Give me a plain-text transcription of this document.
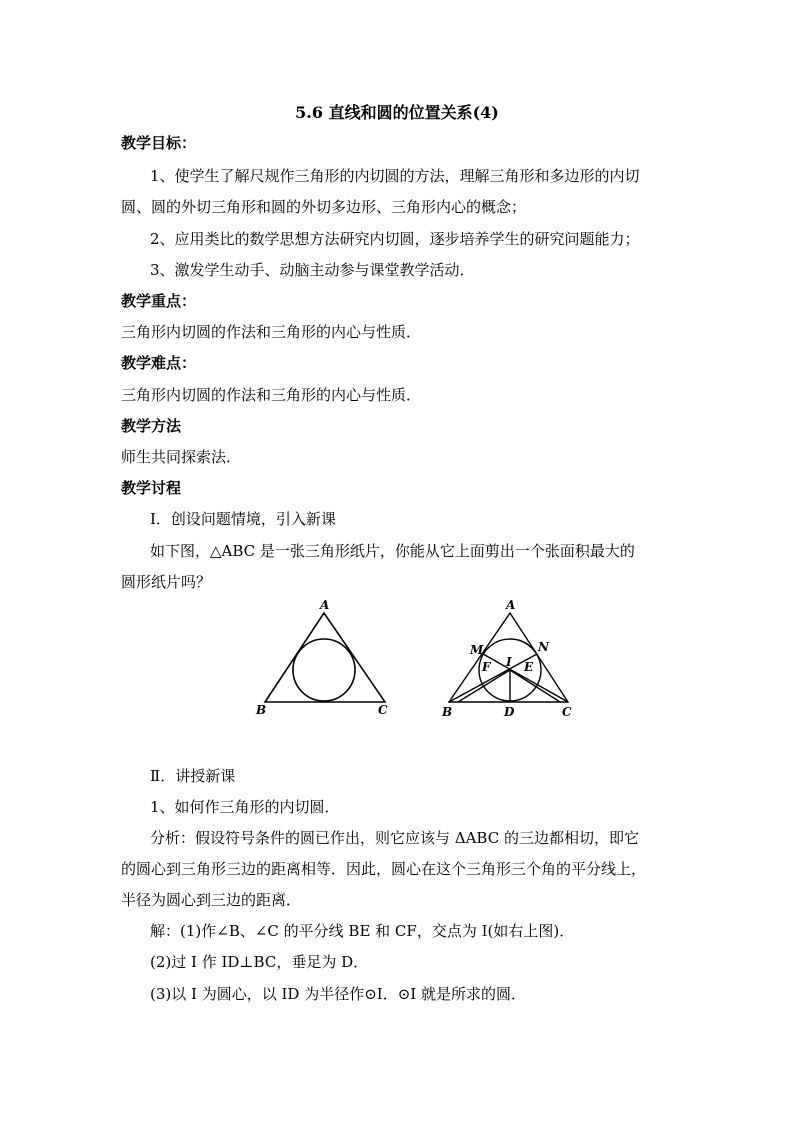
5.6 直线和圆的位置关系(4)
教学目标：
1、使学生了解尺规作三角形的内切圆的方法，理解三角形和多边形的内切
圆、圆的外切三角形和圆的外切多边形、三角形内心的概念；
2、应用类比的数学思想方法研究内切圆，逐步培养学生的研究问题能力；
3、激发学生动手、动脑主动参与课堂教学活动．
教学重点：
三角形内切圆的作法和三角形的内心与性质．
教学难点：
三角形内切圆的作法和三角形的内心与性质．
教学方法
师生共同探索法．
教学讨程
Ⅰ．创设问题情境，引入新课
如下图，△ABC 是一张三角形纸片，你能从它上面剪出一个张面积最大的
圆形纸片吗？
A
B	C
A
B	C
D
E
F I
M	N
Ⅱ．讲授新课
1、如何作三角形的内切圆．
分析：假设符号条件的圆已作出，则它应该与 ΔABC 的三边都相切，即它
的圆心到三角形三边的距离相等．因此，圆心在这个三角形三个角的平分线上，
半径为圆心到三边的距离．
解：(1)作∠B、∠C 的平分线 BE 和 CF，交点为 I(如右上图)．
(2)过 I 作 ID⊥BC，垂足为 D．
(3)以 I 为圆心，以 ID 为半径作⊙I．⊙I 就是所求的圆．
